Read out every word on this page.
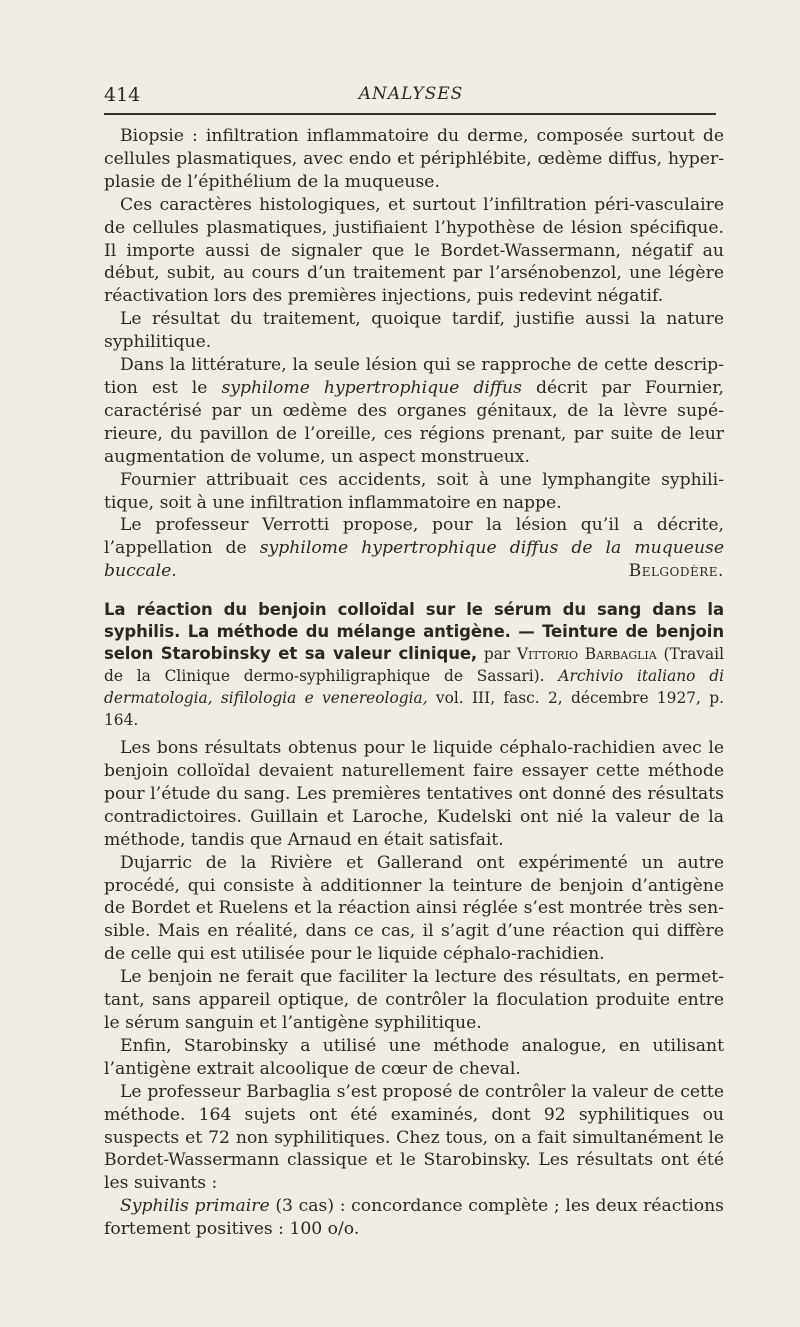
414	ANALYSES

Biopsie : infiltration inflammatoire du derme, composée surtout de cellules plasmatiques, avec endo et périphlébite, œdème diffus, hyperplasie de l’épithélium de la muqueuse.

Ces caractères histologiques, et surtout l’infiltration péri-vasculaire de cellules plasmatiques, justifiaient l’hypothèse de lésion spécifique. Il importe aussi de signaler que le Bordet-Wassermann, négatif au début, subit, au cours d’un traitement par l’arsénobenzol, une légère réactivation lors des premières injections, puis redevint négatif.

Le résultat du traitement, quoique tardif, justifie aussi la nature syphilitique.

Dans la littérature, la seule lésion qui se rapproche de cette description est le syphilome hypertrophique diffus décrit par Fournier, caractérisé par un œdème des organes génitaux, de la lèvre supérieure, du pavillon de l’oreille, ces régions prenant, par suite de leur augmentation de volume, un aspect monstrueux.

Fournier attribuait ces accidents, soit à une lymphangite syphilitique, soit à une infiltration inflammatoire en nappe.

Le professeur Verrotti propose, pour la lésion qu’il a décrite, l’appellation de syphilome hypertrophique diffus de la muqueuse buccale.	Belgodère.

La réaction du benjoin colloïdal sur le sérum du sang dans la syphilis. La méthode du mélange antigène. — Teinture de benjoin selon Starobinsky et sa valeur clinique, par Vittorio Barbaglia (Travail de la Clinique dermo-syphiligraphique de Sassari). Archivio italiano di dermatologia, sifilologia e venereologia, vol. III, fasc. 2, décembre 1927, p. 164.

Les bons résultats obtenus pour le liquide céphalo-rachidien avec le benjoin colloïdal devaient naturellement faire essayer cette méthode pour l’étude du sang. Les premières tentatives ont donné des résultats contradictoires. Guillain et Laroche, Kudelski ont nié la valeur de la méthode, tandis que Arnaud en était satisfait.

Dujarric de la Rivière et Gallerand ont expérimenté un autre procédé, qui consiste à additionner la teinture de benjoin d’antigène de Bordet et Ruelens et la réaction ainsi réglée s’est montrée très sensible. Mais en réalité, dans ce cas, il s’agit d’une réaction qui diffère de celle qui est utilisée pour le liquide céphalo-rachidien.

Le benjoin ne ferait que faciliter la lecture des résultats, en permettant, sans appareil optique, de contrôler la floculation produite entre le sérum sanguin et l’antigène syphilitique.

Enfin, Starobinsky a utilisé une méthode analogue, en utilisant l’antigène extrait alcoolique de cœur de cheval.

Le professeur Barbaglia s’est proposé de contrôler la valeur de cette méthode. 164 sujets ont été examinés, dont 92 syphilitiques ou suspects et 72 non syphilitiques. Chez tous, on a fait simultanément le Bordet-Wassermann classique et le Starobinsky. Les résultats ont été les suivants :

Syphilis primaire (3 cas) : concordance complète ; les deux réactions fortement positives : 100 o/o.
